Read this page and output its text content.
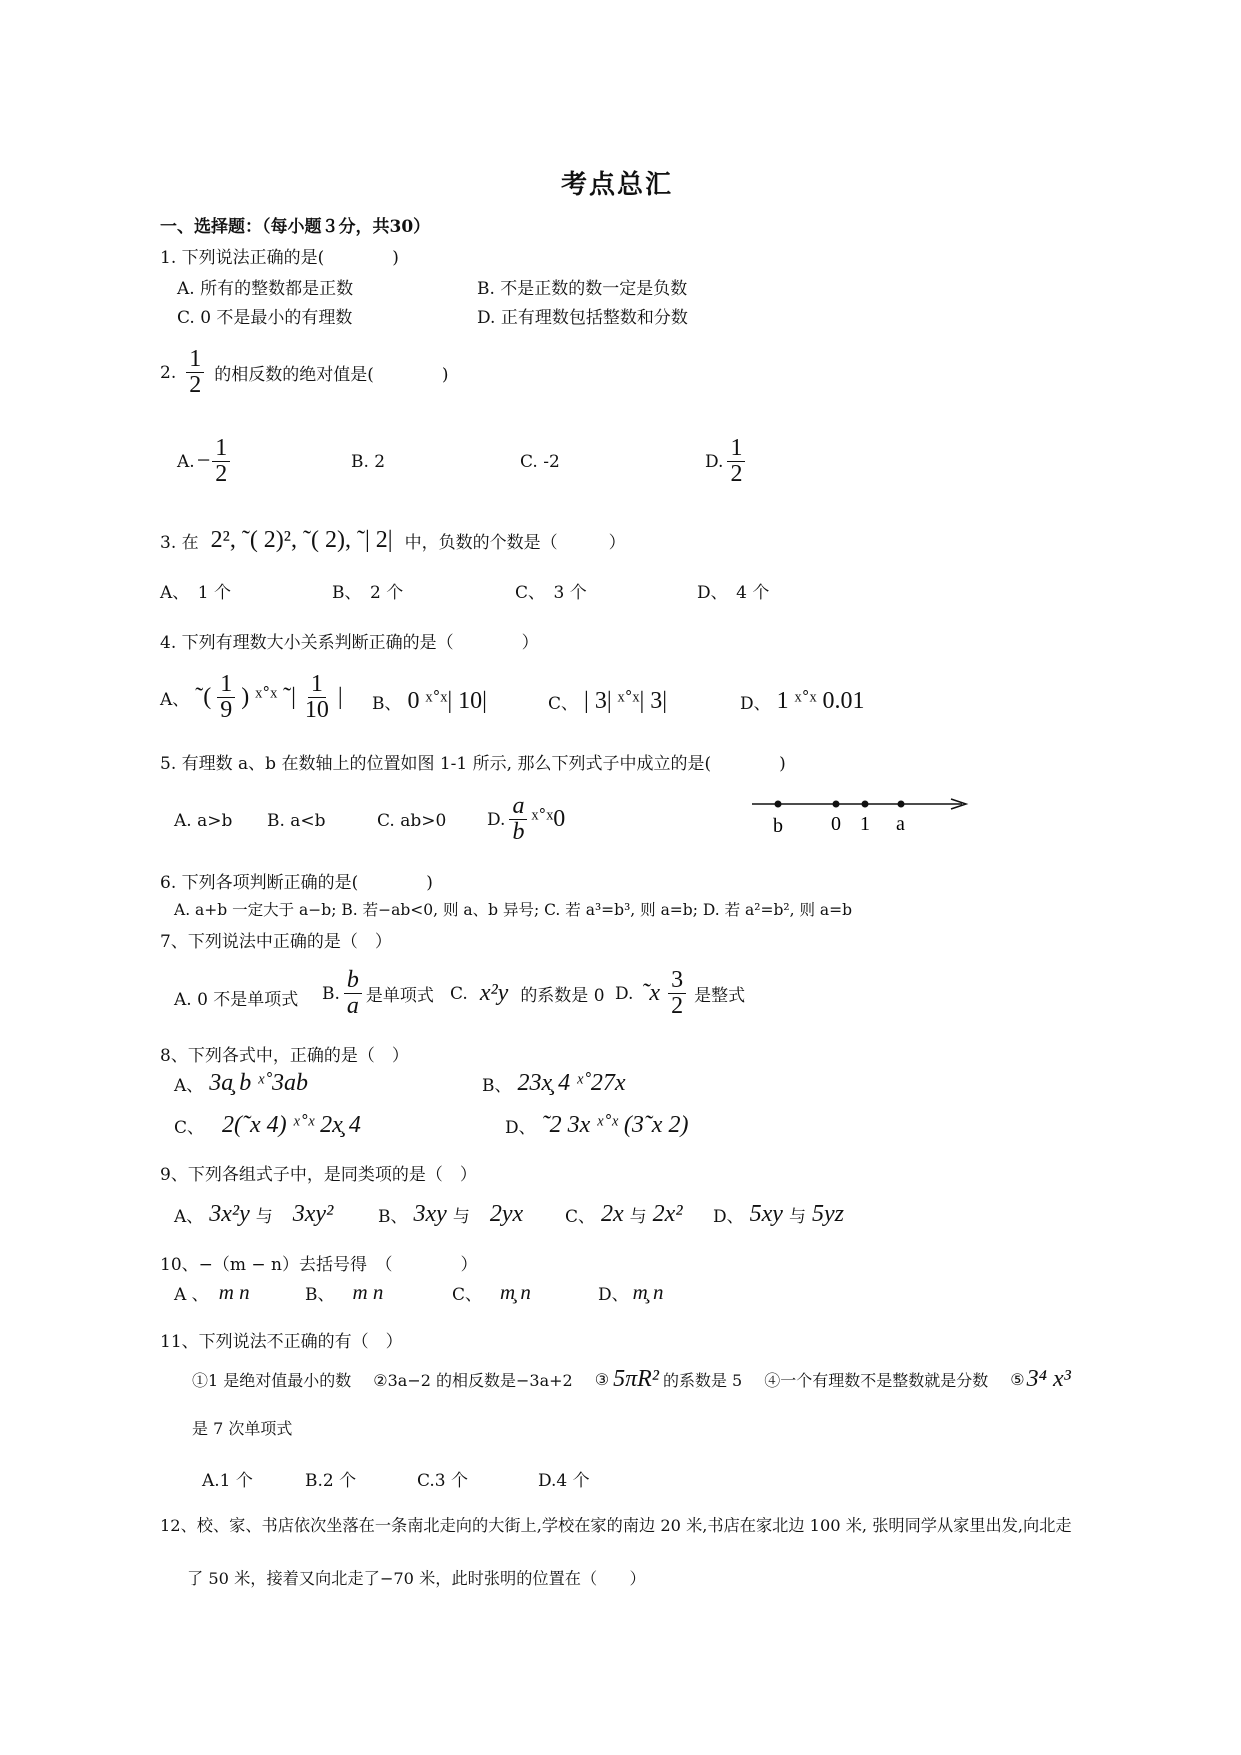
考点总汇
一、选择题：（每小题３分，共30）
1. 下列说法正确的是(　　　　)
A. 所有的整数都是正数	B. 不是正数的数一定是负数
C. 0 不是最小的有理数	D. 正有理数包括整数和分数
2. $\frac{1}{2}$ 的相反数的绝对值是(　　　　)
A. − $\frac{1}{2}$	B. 2	C. -2	D. $\frac{1}{2}$
3. 在 2², ˜( 2)², ˜( 2), ˜| 2| 中，负数的个数是（　　　）
A、　1 个	B、　2 个	C、　3 个	D、　4 个
4. 下列有理数大小关系判断正确的是（　　　　）
A、 ˜( $\frac{1}{9}$ ) ˣ˚ˣ ˜| $\frac{1}{10}$ | B、 0 ˣ˚ˣ| 10|	C、 | 3| ˣ˚ˣ| 3|	D、 1 ˣ˚ˣ 0.01
5. 有理数 a、b 在数轴上的位置如图 1-1 所示, 那么下列式子中成立的是(　　　　)
A. a>b B. a<b	C. ab>0 D. $\frac{a}{b}$ ˣ˚ˣ0	b 0 1 a
6. 下列各项判断正确的是(　　　　)
A. a+b 一定大于 a−b; B. 若−ab<0, 则 a、b 异号; C. 若 a³=b³, 则 a=b; D. 若 a²=b², 则 a=b
7、下列说法中正确的是（　）
A. 0 不是单项式 B. $\frac{b}{a}$ 是单项式 C. x²y 的系数是 0 D. ˜x $\frac{3}{2}$ 是整式
8、下列各式中，正确的是（　）
A、 3a̧ b ˣ˚3ab	B、 23x̧ 4 ˣ˚27x
C、 2(˜x 4) ˣ˚ˣ 2x̧ 4	D、 ˜2 3x ˣ˚ˣ (3˜x 2)
9、下列各组式子中，是同类项的是（　）
A、 3x²y 与 3xy²	B、 3xy 与 2yx C、 2x 与 2x² D、 5xy 与 5yz
10、−（m − n）去括号得　（　　　　）
A 、 m n	B、 m n	C、 m̧ n	D、 m̧ n
11、下列说法不正确的有（　）
①1 是绝对值最小的数 ②3a−2 的相反数是−3a+2 ③ 5πR² 的系数是 5 ④一个有理数不是整数就是分数 ⑤ 3⁴ x³
是 7 次单项式
A.1 个	B.2 个	C.3 个	D.4 个
12、校、家、书店依次坐落在一条南北走向的大街上,学校在家的南边 20 米,书店在家北边 100 米, 张明同学从家里出发,向北走
了 50 米，接着又向北走了−70 米，此时张明的位置在（　　）
